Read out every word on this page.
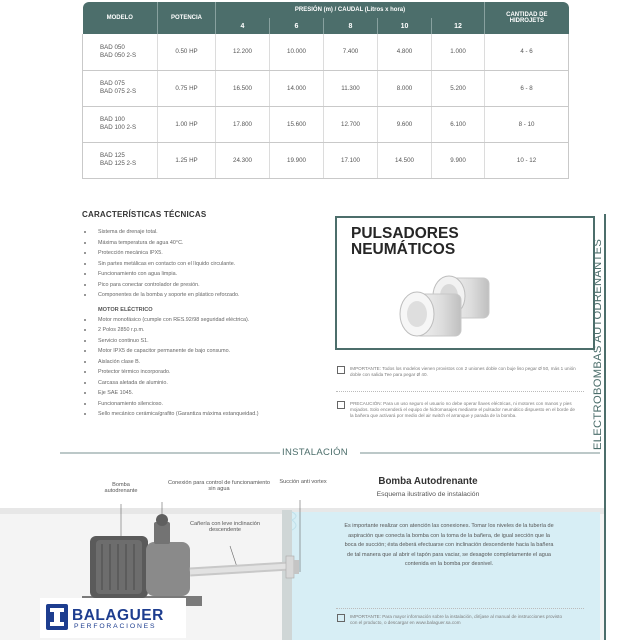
MODELO	POTENCIA	PRESIÓN (m) / CAUDAL (Litros x hora)					CANTIDAD DE HIDROJETS
		4	6	8	10	12	

BAD 050
BAD 050 2-S	0.50 HP	12.200	10.000	7.400	4.800	1.000	4 - 6

BAD 075
BAD 075 2-S	0.75 HP	16.500	14.000	11.300	8.000	5.200	6 - 8

BAD 100
BAD 100 2-S	1.00 HP	17.800	15.600	12.700	9.600	6.100	8 - 10

BAD 125
BAD 125 2-S	1.25 HP	24.300	19.900	17.100	14.500	9.900	10 - 12
CARACTERÍSTICAS TÉCNICAS
Sistema de drenaje total.
Máxima temperatura de agua 40°C.
Protección mecánica IPX5.
Sin partes metálicas en contacto con el líquido circulante.
Funcionamiento con agua limpia.
Pico para conectar controlador de presión.
Componentes de la bomba y soporte en plástico reforzado.
MOTOR ELÉCTRICO
Motor monofásico (cumple con RES.92/98 seguridad eléctrica).
2 Polos 2850 r.p.m.
Servicio continuo S1.
Motor IPX5 de capacitor permanente de bajo consumo.
Aislación clase B.
Protector térmico incorporado.
Carcasa aletada de aluminio.
Eje SAE 1045.
Funcionamiento silencioso.
Sello mecánico cerámica/grafito (Garantiza máxima estanqueidad.)
PULSADORES
NEUMÁTICOS
IMPORTANTE: Todos los modelos vienen provistos con 2 uniones doble con buje liso pegar Ø 50, más 1 unión doble con salida Tee para pegar Ø 40.
PRECAUCIÓN: Para un uso seguro el usuario no debe operar llaves eléctricas, ni motores con manos y pies mojados. Solo encenderá el equipo de hidromasajes mediante el pulsador neumático dispuesto en el borde de la bañera que activará por medio del air switch el arranque y parada de la bomba.	ELECTROBOMBAS AUTODRENANTES
INSTALACIÓN
Bomba autodrenante
Conexión para control de funcionamiento sin agua
Succión anti vortex
Cañería con leve inclinación descendente
Bomba Autodrenante
Esquema ilustrativo de instalación
Es importante realizar con atención las conexiones. Tomar los niveles de la tubería de aspiración que conecta la bomba con la toma de la bañera, de igual sección que la boca de succión; ésta deberá efectuarse con inclinación descendente hacia la bañera de tal manera que al abrir el tapón para vaciar, se desagote completamente el agua contenida en la bomba por desnivel.
IMPORTANTE: Para mayor información sobre la instalación, diríjase al manual de instrucciones provisto con el producto, o descargar en www.balaguer.sa.com
BALAGUER
PERFORACIONES
